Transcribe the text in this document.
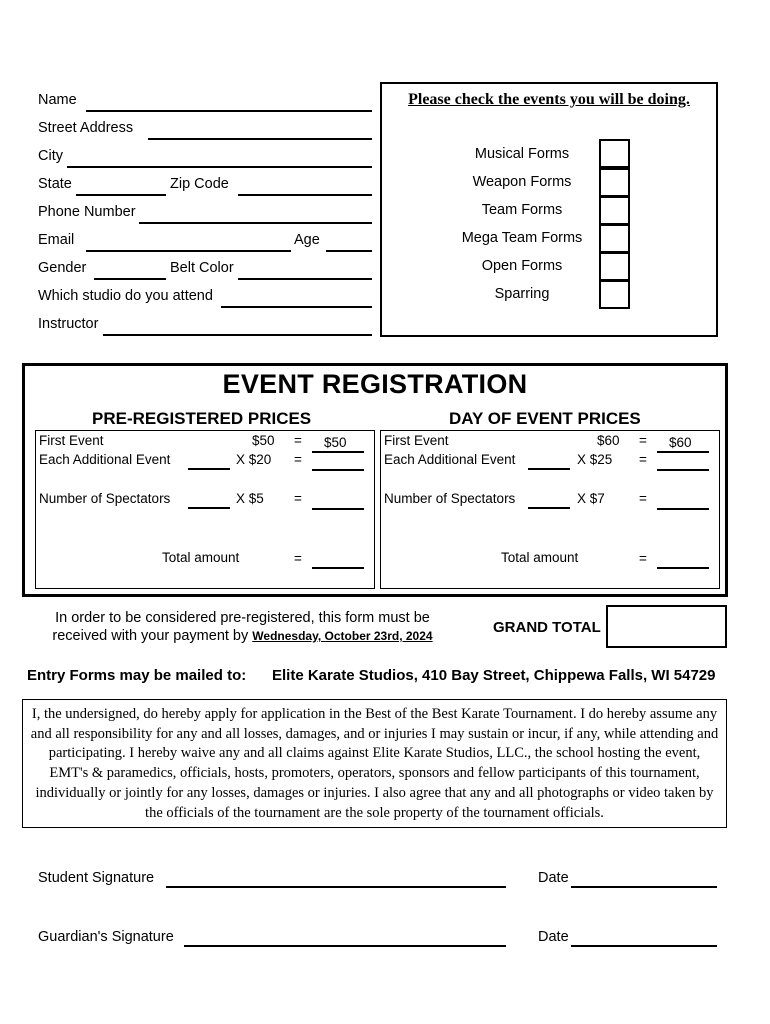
Name
Street Address
City
State	Zip Code
Phone Number
Email	Age
Gender	Belt Color
Which studio do you attend
Instructor
Please check the events you will be doing.
Musical Forms
Weapon Forms
Team Forms
Mega Team Forms
Open Forms
Sparring
EVENT REGISTRATION
PRE-REGISTERED PRICES	DAY OF EVENT PRICES
First Event	$50 = $50
Each Additional Event	X $20 =
Number of Spectators	X $5 =
Total amount	=
First Event	$60 = $60
Each Additional Event	X $25 =
Number of Spectators	X $7	=
Total amount	=
In order to be considered pre-registered, this form must be
received with your payment by Wednesday, October 23rd, 2024	GRAND TOTAL
Entry Forms may be mailed to: Elite Karate Studios, 410 Bay Street, Chippewa Falls, WI 54729
I, the undersigned, do hereby apply for application in the Best of the Best Karate Tournament. I do hereby assume any and all responsibility for any and all losses, damages, and or injuries I may sustain or incur, if any, while attending and participating. I hereby waive any and all claims against Elite Karate Studios, LLC., the school hosting the event, EMT's & paramedics, officials, hosts, promoters, operators, sponsors and fellow participants of this tournament, individually or jointly for any losses, damages or injuries. I also agree that any and all photographs or video taken by the officials of the tournament are the sole property of the tournament officials.
Student Signature	Date
Guardian's Signature	Date
